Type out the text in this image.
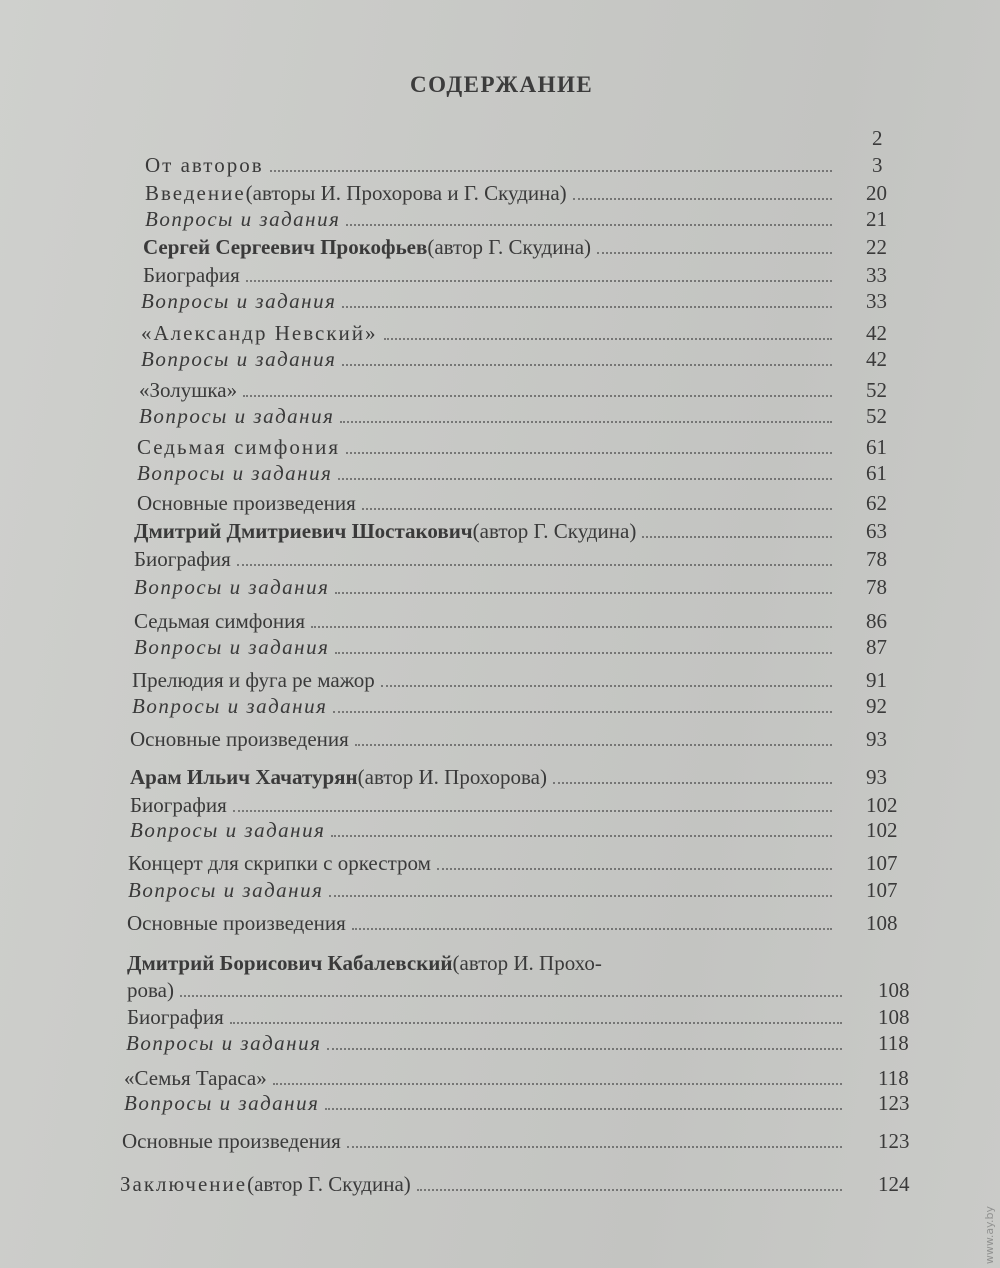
СОДЕРЖАНИЕ
2
От авторов	3
Введение (авторы И. Прохорова и Г. Скудина)	20
Вопросы и задания	21
Сергей Сергеевич Прокофьев (автор Г. Скудина)	22
Биография	33
Вопросы и задания	33
«Александр Невский»	42
Вопросы и задания	42
«Золушка»	52
Вопросы и задания	52
Седьмая симфония	61
Вопросы и задания	61
Основные произведения	62
Дмитрий Дмитриевич Шостакович (автор Г. Скудина)	63
Биография	78
Вопросы и задания	78
Седьмая симфония	86
Вопросы и задания	87
Прелюдия и фуга ре мажор	91
Вопросы и задания	92
Основные произведения	93
Арам Ильич Хачатурян (автор И. Прохорова)	93
Биография	102
Вопросы и задания	102
Концерт для скрипки с оркестром	107
Вопросы и задания	107
Основные произведения	108
Дмитрий Борисович Кабалевский (автор И. Прохо-
рова)	108
Биография	108
Вопросы и задания	118
«Семья Тараса»	118
Вопросы и задания	123
Основные произведения	123
Заключение (автор Г. Скудина)	124
www.ay.by
